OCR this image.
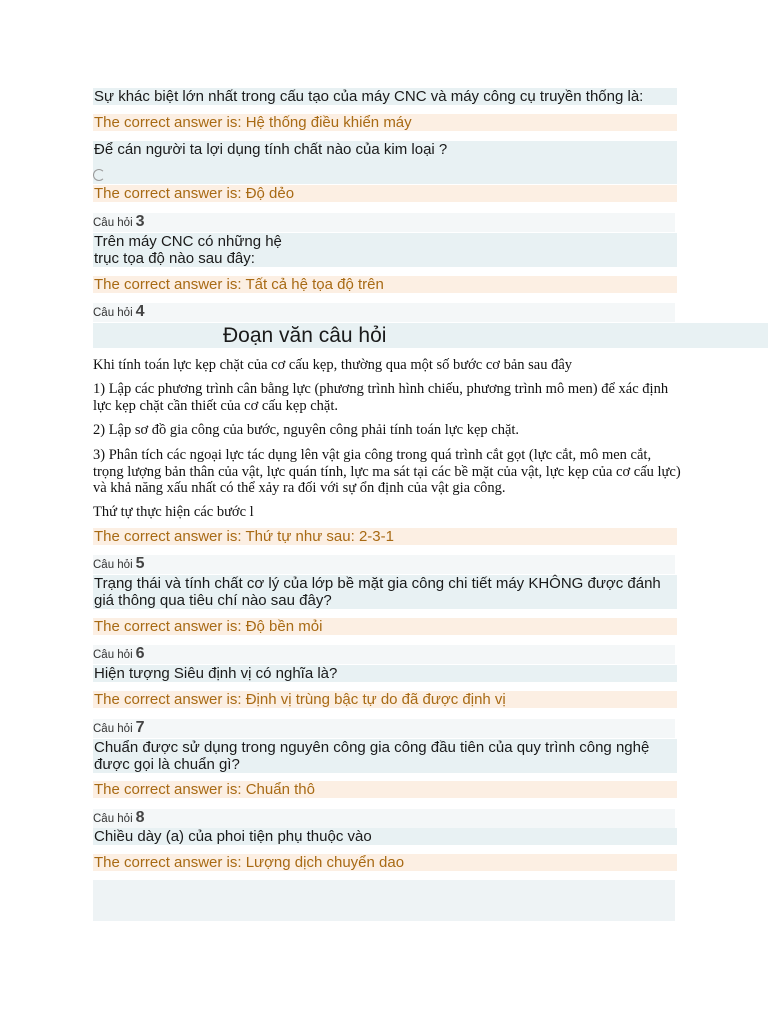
Sự khác biệt lớn nhất trong cấu tạo của máy CNC và máy công cụ truyền thống là:
The correct answer is: Hệ thống điều khiển máy
Để cán người ta lợi dụng tính chất nào của kim loại ?
The correct answer is: Độ dẻo
Câu hỏi 3
Trên máy CNC có những hệ
trục tọa độ nào sau đây:
The correct answer is: Tất cả hệ tọa độ trên
Câu hỏi 4
Đoạn văn câu hỏi
Khi tính toán lực kẹp chặt của cơ cấu kẹp, thường qua một số bước cơ bản sau đây
1) Lập các phương trình cân bằng lực (phương trình hình chiếu, phương trình mô men) để xác định lực kẹp chặt cần thiết của cơ cấu kẹp chặt.
2) Lập sơ đồ gia công của bước, nguyên công phải tính toán lực kẹp chặt.
3) Phân tích các ngoại lực tác dụng lên vật gia công trong quá trình cắt gọt (lực cắt, mô men cắt, trọng lượng bản thân của vật, lực quán tính, lực ma sát tại các bề mặt của vật, lực kẹp của cơ cấu lực) và khả năng xấu nhất có thể xảy ra đối với sự ổn định của vật gia công.
Thứ tự thực hiện các bước l
The correct answer is: Thứ tự như sau: 2-3-1
Câu hỏi 5
Trạng thái và tính chất cơ lý của lớp bề mặt gia công chi tiết máy KHÔNG được đánh giá thông qua tiêu chí nào sau đây?
The correct answer is: Độ bền mỏi
Câu hỏi 6
Hiện tượng Siêu định vị có nghĩa là?
The correct answer is: Định vị trùng bậc tự do đã được định vị
Câu hỏi 7
Chuẩn được sử dụng trong nguyên công gia công đầu tiên của quy trình công nghệ được gọi là chuẩn gì?
The correct answer is: Chuẩn thô
Câu hỏi 8
Chiều dày (a) của phoi tiện phụ thuộc vào
The correct answer is: Lượng dịch chuyển dao
